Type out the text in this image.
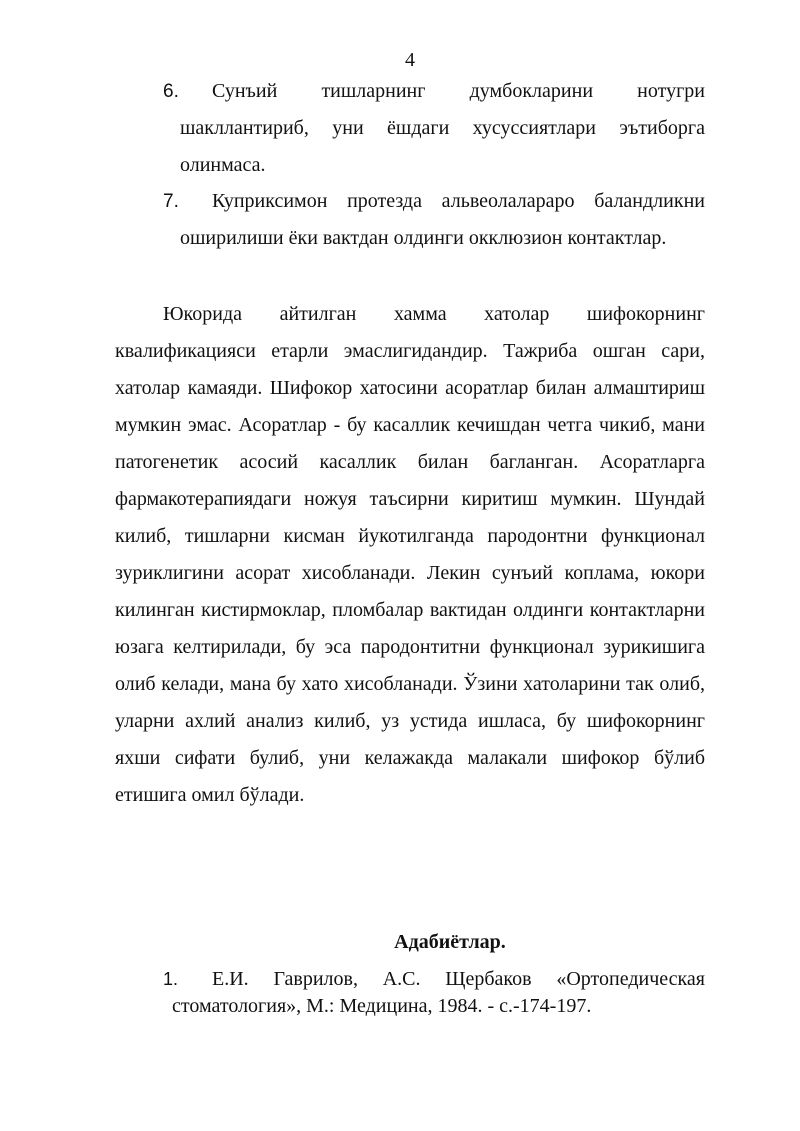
4
6.	Сунъий тишларнинг думбокларини нотугри шакллантириб, уни ёшдаги хусуссиятлари эътиборга олинмаса.
7.	Куприксимон протезда альвеолалараро баландликни оширилиши ёки вактдан олдинги окклюзион контактлар.

Юкорида айтилган хамма хатолар шифокорнинг квалификацияси етарли эмаслигидандир. Тажриба ошган сари, хатолар камаяди. Шифокор хатосини асоратлар билан алмаштириш мумкин эмас. Асоратлар - бу касаллик кечишдан четга чикиб, мани патогенетик асосий касаллик билан багланган. Асоратларга фармакотерапиядаги ножуя таъсирни киритиш мумкин. Шундай килиб, тишларни кисман йукотилганда пародонтни функционал зуриклигини асорат хисобланади. Лекин сунъий коплама, юкори килинган кистирмоклар, пломбалар вактидан олдинги контактларни юзага келтирилади, бу эса пародонтитни функционал зурикишига олиб келади, мана бу хато хисобланади. Ўзини хатоларини так олиб, уларни ахлий анализ килиб, уз устида ишласа, бу шифокорнинг яхши сифати булиб, уни келажакда малакали шифокор бўлиб етишига омил бўлади.

Адабиётлар.
1.	Е.И. Гаврилов, А.С. Щербаков «Ортопедическая стоматология», М.: Медицина, 1984. - с.-174-197.
